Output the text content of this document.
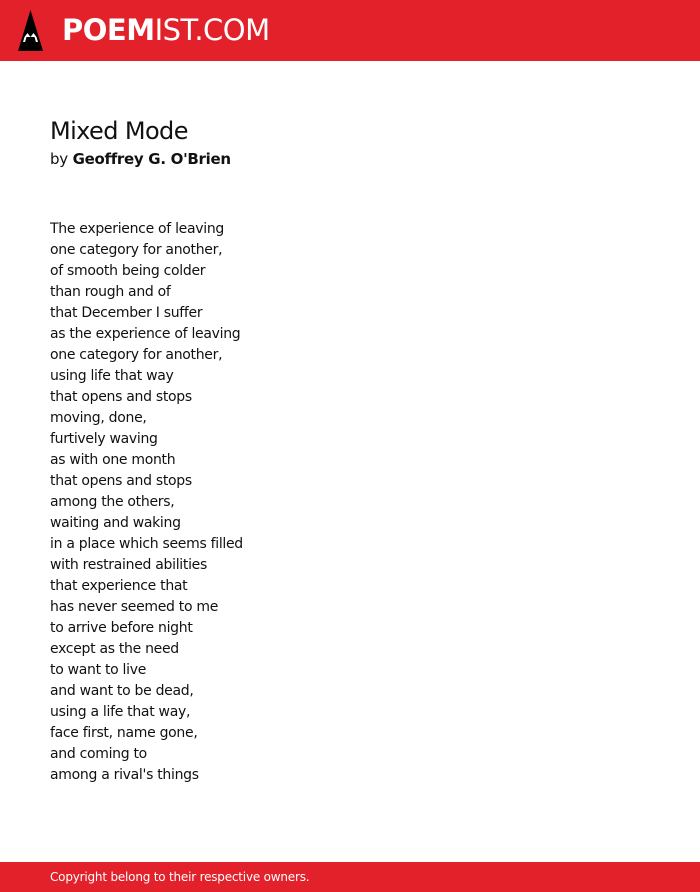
POEMIST.COM
Mixed Mode
by Geoffrey G. O'Brien
The experience of leaving
one category for another,
of smooth being colder
than rough and of
that December I suffer
as the experience of leaving
one category for another,
using life that way
that opens and stops
moving, done,
furtively waving
as with one month
that opens and stops
among the others,
waiting and waking
in a place which seems filled
with restrained abilities
that experience that
has never seemed to me
to arrive before night
except as the need
to want to live
and want to be dead,
using a life that way,
face first, name gone,
and coming to
among a rival's things
Copyright belong to their respective owners.
